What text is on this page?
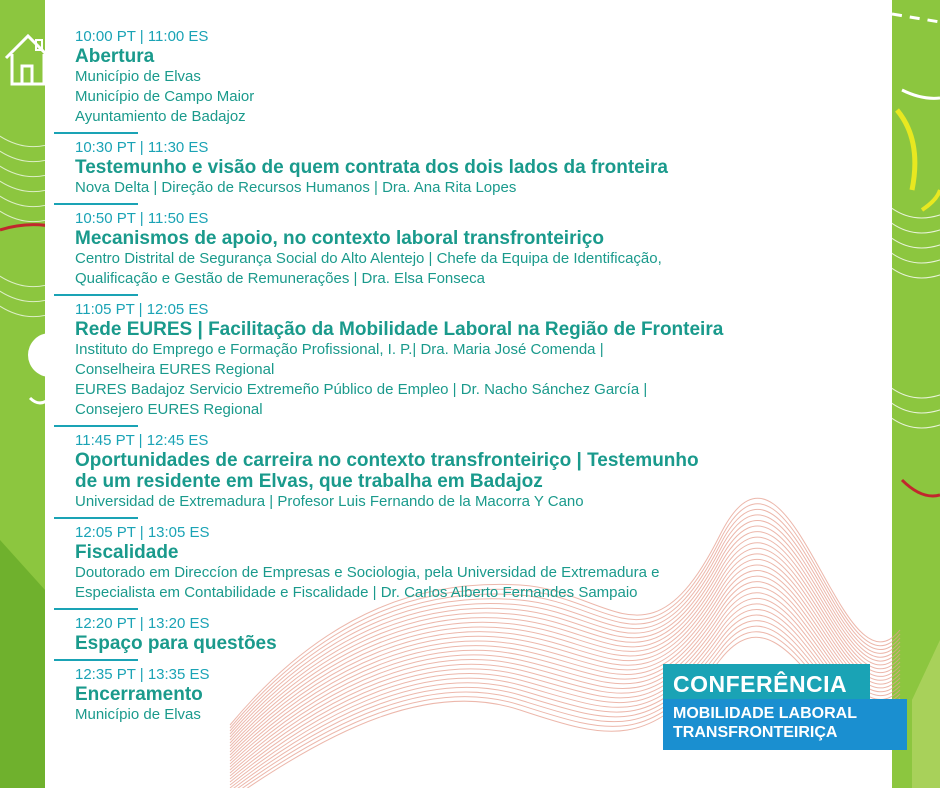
10:00 PT | 11:00 ES
Abertura
Município de Elvas
Município de Campo Maior
Ayuntamiento de Badajoz
10:30 PT | 11:30 ES
Testemunho e visão de quem contrata dos dois lados da fronteira
Nova Delta | Direção de Recursos Humanos | Dra. Ana Rita Lopes
10:50 PT | 11:50 ES
Mecanismos de apoio, no contexto laboral transfronteiriço
Centro Distrital de Segurança Social do Alto Alentejo | Chefe da Equipa de Identificação,
Qualificação e Gestão de Remunerações | Dra. Elsa Fonseca
11:05 PT | 12:05 ES
Rede EURES | Facilitação da Mobilidade Laboral na Região de Fronteira
Instituto do Emprego e Formação Profissional, I. P.| Dra. Maria José Comenda |
Conselheira EURES Regional
EURES Badajoz Servicio Extremeño Público de Empleo | Dr. Nacho Sánchez García |
Consejero EURES Regional
11:45 PT | 12:45 ES
Oportunidades de carreira no contexto transfronteiriço | Testemunho
de um residente em Elvas, que trabalha em Badajoz
Universidad de Extremadura | Profesor Luis Fernando de la Macorra Y Cano
12:05 PT | 13:05 ES
Fiscalidade
Doutorado em Direccíon de Empresas e Sociologia, pela Universidad de Extremadura e
Especialista em Contabilidade e Fiscalidade | Dr. Carlos Alberto Fernandes Sampaio
12:20 PT | 13:20 ES
Espaço para questões
12:35 PT | 13:35 ES
Encerramento
Município de Elvas
CONFERÊNCIA
MOBILIDADE LABORAL
TRANSFRONTEIRIÇA
